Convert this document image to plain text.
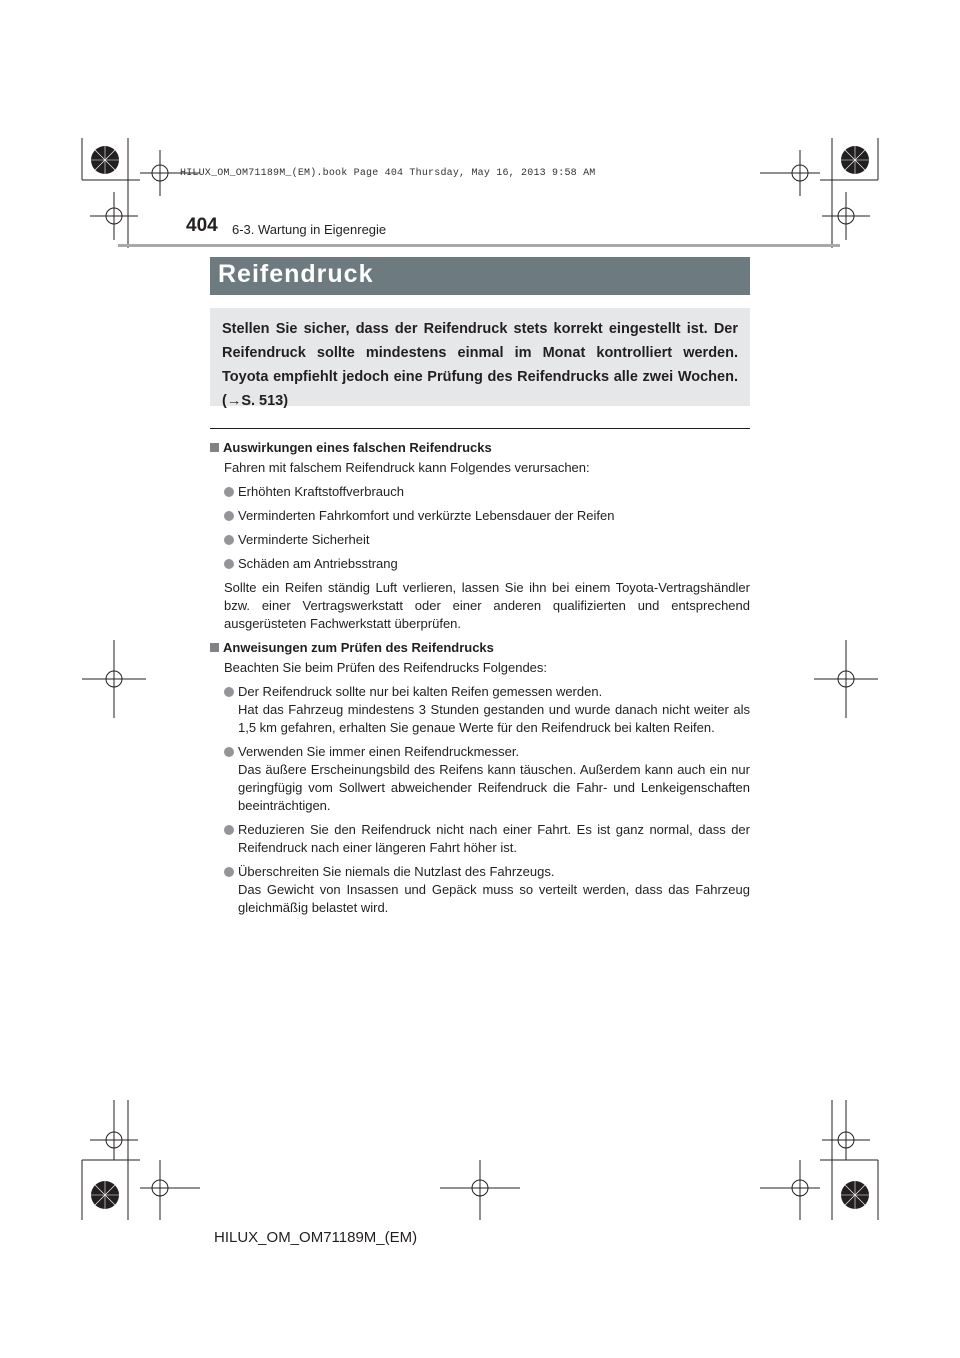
HILUX_OM_OM71189M_(EM).book Page 404 Thursday, May 16, 2013 9:58 AM
404 6-3. Wartung in Eigenregie
Reifendruck

Stellen Sie sicher, dass der Reifendruck stets korrekt eingestellt ist. Der Reifendruck sollte mindestens einmal im Monat kontrolliert werden. Toyota empfiehlt jedoch eine Prüfung des Reifendrucks alle zwei Wochen. (→S. 513)

Auswirkungen eines falschen Reifendrucks

Fahren mit falschem Reifendruck kann Folgendes verursachen:

Erhöhten Kraftstoffverbrauch

Verminderten Fahrkomfort und verkürzte Lebensdauer der Reifen

Verminderte Sicherheit

Schäden am Antriebsstrang

Sollte ein Reifen ständig Luft verlieren, lassen Sie ihn bei einem Toyota-Vertragshändler bzw. einer Vertragswerkstatt oder einer anderen qualifizierten und entsprechend ausgerüsteten Fachwerkstatt überprüfen.

Anweisungen zum Prüfen des Reifendrucks

Beachten Sie beim Prüfen des Reifendrucks Folgendes:

Der Reifendruck sollte nur bei kalten Reifen gemessen werden.

Hat das Fahrzeug mindestens 3 Stunden gestanden und wurde danach nicht weiter als 1,5 km gefahren, erhalten Sie genaue Werte für den Reifendruck bei kalten Reifen.

Verwenden Sie immer einen Reifendruckmesser.

Das äußere Erscheinungsbild des Reifens kann täuschen. Außerdem kann auch ein nur geringfügig vom Sollwert abweichender Reifendruck die Fahr- und Lenkeigenschaften beeinträchtigen.

Reduzieren Sie den Reifendruck nicht nach einer Fahrt. Es ist ganz normal, dass der Reifendruck nach einer längeren Fahrt höher ist.

Überschreiten Sie niemals die Nutzlast des Fahrzeugs.

Das Gewicht von Insassen und Gepäck muss so verteilt werden, dass das Fahrzeug gleichmäßig belastet wird.

HILUX_OM_OM71189M_(EM)
